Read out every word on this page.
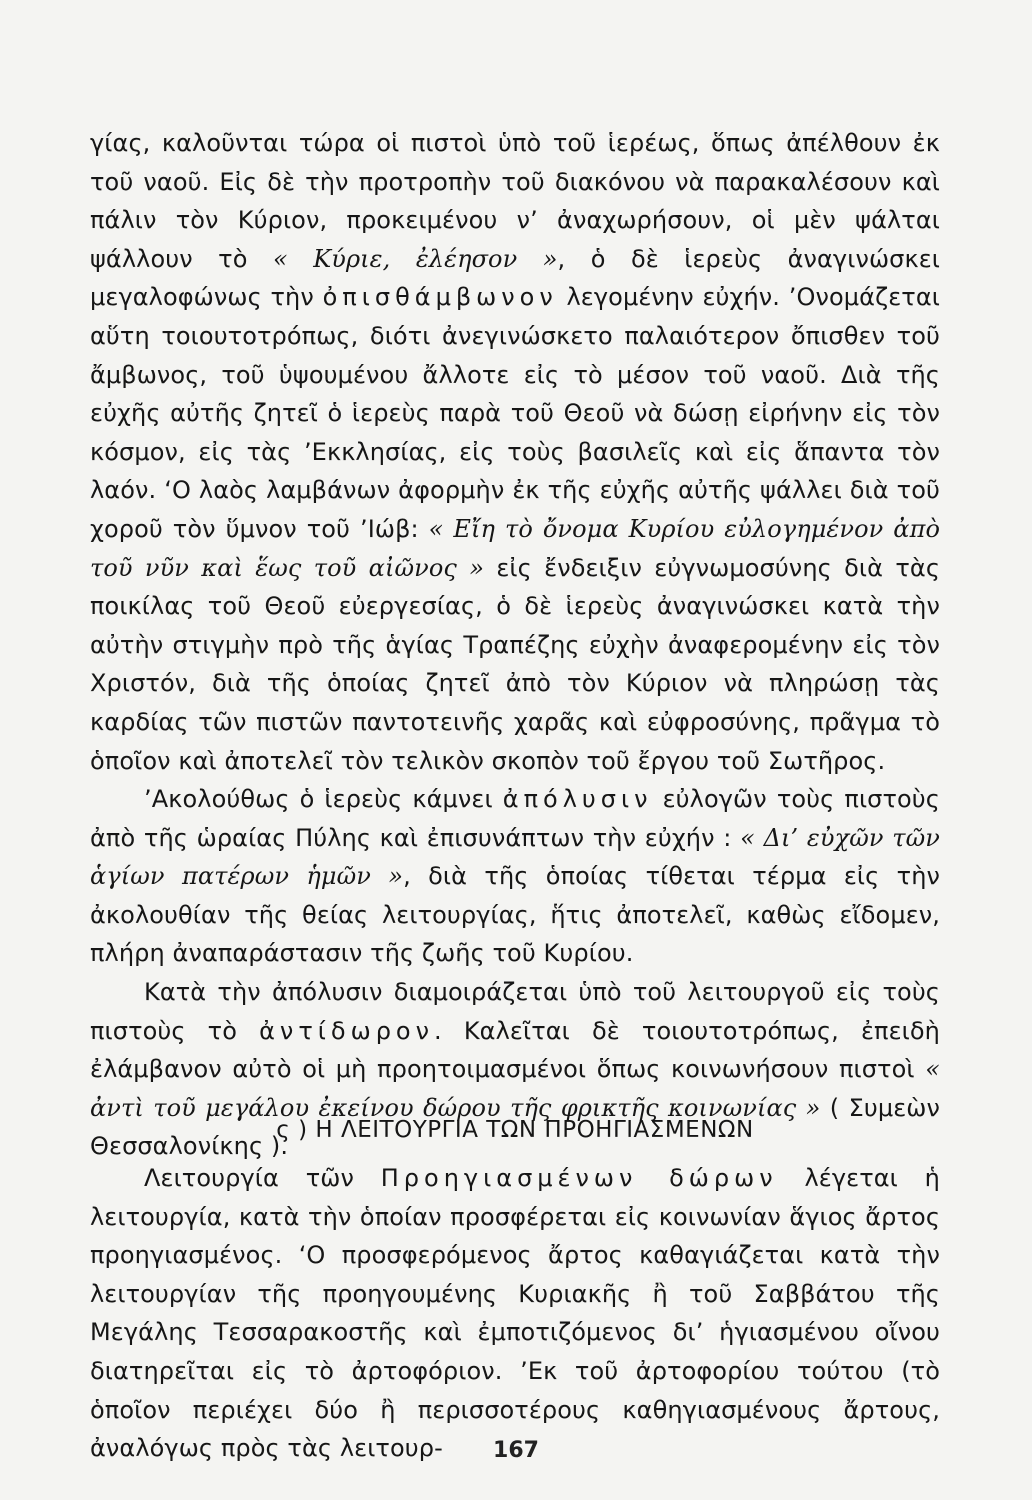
γίας, καλοῦνται τώρα οἱ πιστοὶ ὑπὸ τοῦ ἱερέως, ὅπως ἀπέλθουν ἐκ τοῦ ναοῦ. Εἰς δὲ τὴν προτροπὴν τοῦ διακόνου νὰ παρακαλέσουν καὶ πάλιν τὸν Κύριον, προκειμένου ν’ ἀναχωρήσουν, οἱ μὲν ψάλται ψάλλουν τὸ « Κύριε, ἐλέησον », ὁ δὲ ἱερεὺς ἀναγινώσκει μεγαλοφώνως τὴν ὀπισθάμβωνον λεγομένην εὐχήν. ’Ονομάζεται αὕτη τοιουτοτρόπως, διότι ἀνεγινώσκετο παλαιότερον ὄπισθεν τοῦ ἄμβωνος, τοῦ ὑψουμένου ἄλλοτε εἰς τὸ μέσον τοῦ ναοῦ. Διὰ τῆς εὐχῆς αὐτῆς ζητεῖ ὁ ἱερεὺς παρὰ τοῦ Θεοῦ νὰ δώσῃ εἰρήνην εἰς τὸν κόσμον, εἰς τὰς ’Εκκλησίας, εἰς τοὺς βασιλεῖς καὶ εἰς ἅπαντα τὸν λαόν. ‘Ο λαὸς λαμβάνων ἀφορμὴν ἐκ τῆς εὐχῆς αὐτῆς ψάλλει διὰ τοῦ χοροῦ τὸν ὕμνον τοῦ ’Ιώβ: « Εἴη τὸ ὄνομα Κυρίου εὐλογημένον ἀπὸ τοῦ νῦν καὶ ἕως τοῦ αἰῶνος » εἰς ἔνδειξιν εὐγνωμοσύνης διὰ τὰς ποικίλας τοῦ Θεοῦ εὐεργεσίας, ὁ δὲ ἱερεὺς ἀναγινώσκει κατὰ τὴν αὐτὴν στιγμὴν πρὸ τῆς ἁγίας Τραπέζης εὐχὴν ἀναφερομένην εἰς τὸν Χριστόν, διὰ τῆς ὁποίας ζητεῖ ἀπὸ τὸν Κύριον νὰ πληρώσῃ τὰς καρδίας τῶν πιστῶν παντοτεινῆς χαρᾶς καὶ εὐφροσύνης, πρᾶγμα τὸ ὁποῖον καὶ ἀποτελεῖ τὸν τελικὸν σκοπὸν τοῦ ἔργου τοῦ Σωτῆρος.

’Ακολούθως ὁ ἱερεὺς κάμνει ἀπόλυσιν εὐλογῶν τοὺς πιστοὺς ἀπὸ τῆς ὡραίας Πύλης καὶ ἐπισυνάπτων τὴν εὐχήν : « Δι’ εὐχῶν τῶν ἁγίων πατέρων ἡμῶν », διὰ τῆς ὁποίας τίθεται τέρμα εἰς τὴν ἀκολουθίαν τῆς θείας λειτουργίας, ἥτις ἀποτελεῖ, καθὼς εἴδομεν, πλήρη ἀναπαράστασιν τῆς ζωῆς τοῦ Κυρίου.

Κατὰ τὴν ἀπόλυσιν διαμοιράζεται ὑπὸ τοῦ λειτουργοῦ εἰς τοὺς πιστοὺς τὸ ἀντίδωρον. Καλεῖται δὲ τοιουτοτρόπως, ἐπειδὴ ἐλάμβανον αὐτὸ οἱ μὴ προητοιμασμένοι ὅπως κοινωνήσουν πιστοὶ « ἀντὶ τοῦ μεγάλου ἐκείνου δώρου τῆς φρικτῆς κοινωνίας » ( Συμεὼν Θεσσαλονίκης ).

ς ) Η ΛΕΙΤΟΥΡΓΙΑ ΤΩΝ ΠΡΟΗΓΙΑΣΜΕΝΩΝ

Λειτουργία τῶν Προηγιασμένων δώρων λέγεται ἡ λειτουργία, κατὰ τὴν ὁποίαν προσφέρεται εἰς κοινωνίαν ἅγιος ἄρτος προηγιασμένος. ‘Ο προσφερόμενος ἄρτος καθαγιάζεται κατὰ τὴν λειτουργίαν τῆς προηγουμένης Κυριακῆς ἢ τοῦ Σαββάτου τῆς Μεγάλης Τεσσαρακοστῆς καὶ ἐμποτιζόμενος δι’ ἡγιασμένου οἴνου διατηρεῖται εἰς τὸ ἀρτοφόριον. ’Εκ τοῦ ἀρτοφορίου τούτου (τὸ ὁποῖον περιέχει δύο ἢ περισσοτέρους καθηγιασμένους ἄρτους, ἀναλόγως πρὸς τὰς λειτουρ-	167
